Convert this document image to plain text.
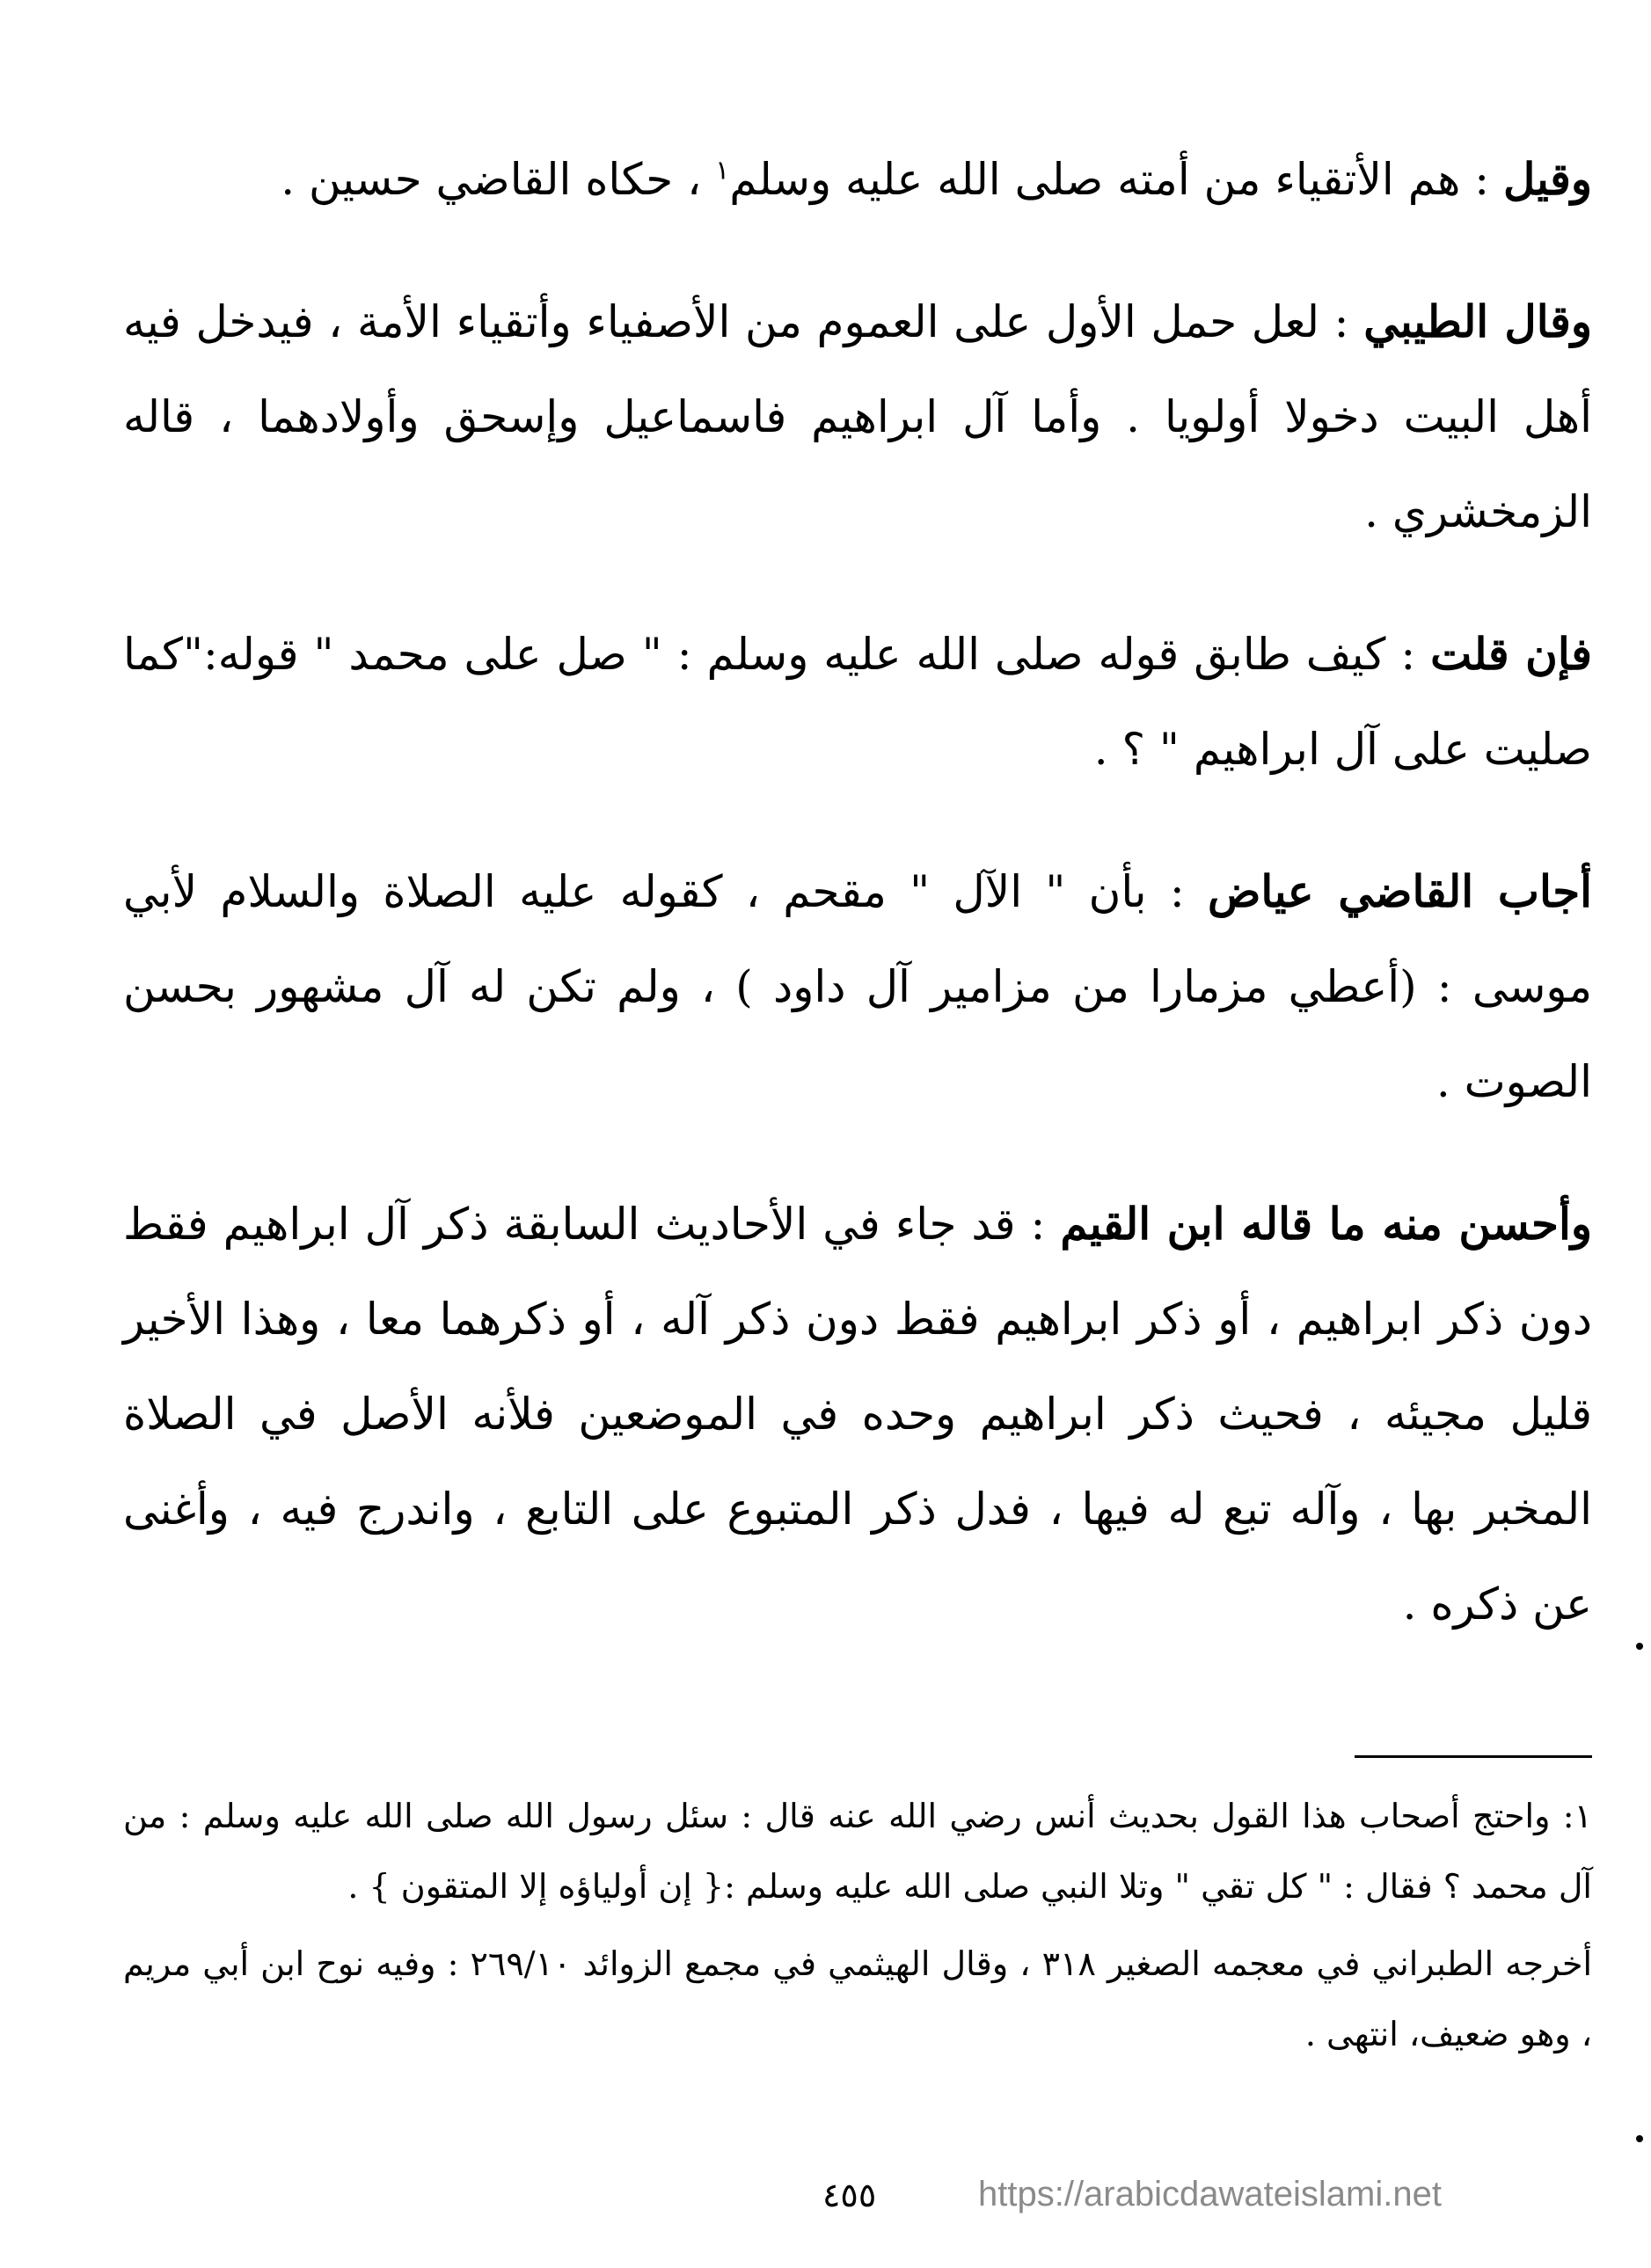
وقيل : هم الأتقياء من أمته صلى الله عليه وسلم$^١$ ، حكاه القاضي حسين .

وقال الطيبي : لعل حمل الأول على العموم من الأصفياء وأتقياء الأمة ، فيدخل فيه أهل البيت دخولا أولويا . وأما آل ابراهيم فاسماعيل وإسحق وأولادهما ، قاله الزمخشري .

فإن قلت : كيف طابق قوله صلى الله عليه وسلم : " صل على محمد " قوله:"كما صليت على آل ابراهيم " ؟ .

أجاب القاضي عياض : بأن " الآل " مقحم ، كقوله عليه الصلاة والسلام لأبي موسى : (أعطي مزمارا من مزامير آل داود ) ، ولم تكن له آل مشهور بحسن الصوت .

وأحسن منه ما قاله ابن القيم : قد جاء في الأحاديث السابقة ذكر آل ابراهيم فقط دون ذكر ابراهيم ، أو ذكر ابراهيم فقط دون ذكر آله ، أو ذكرهما معا ، وهذا الأخير قليل مجيئه ، فحيث ذكر ابراهيم وحده في الموضعين فلأنه الأصل في الصلاة المخبر بها ، وآله تبع له فيها ، فدل ذكر المتبوع على التابع ، واندرج فيه ، وأغنى عن ذكره .

١: واحتج أصحاب هذا القول بحديث أنس رضي الله عنه قال : سئل رسول الله صلى الله عليه وسلم : من آل محمد ؟ فقال : " كل تقي " وتلا النبي صلى الله عليه وسلم :{ إن أولياؤه إلا المتقون } .

أخرجه الطبراني في معجمه الصغير ٣١٨ ، وقال الهيثمي في مجمع الزوائد ٢٦٩/١٠ : وفيه نوح ابن أبي مريم ، وهو ضعيف، انتهى .

٤٥٥	https://arabicdawateislami.net
